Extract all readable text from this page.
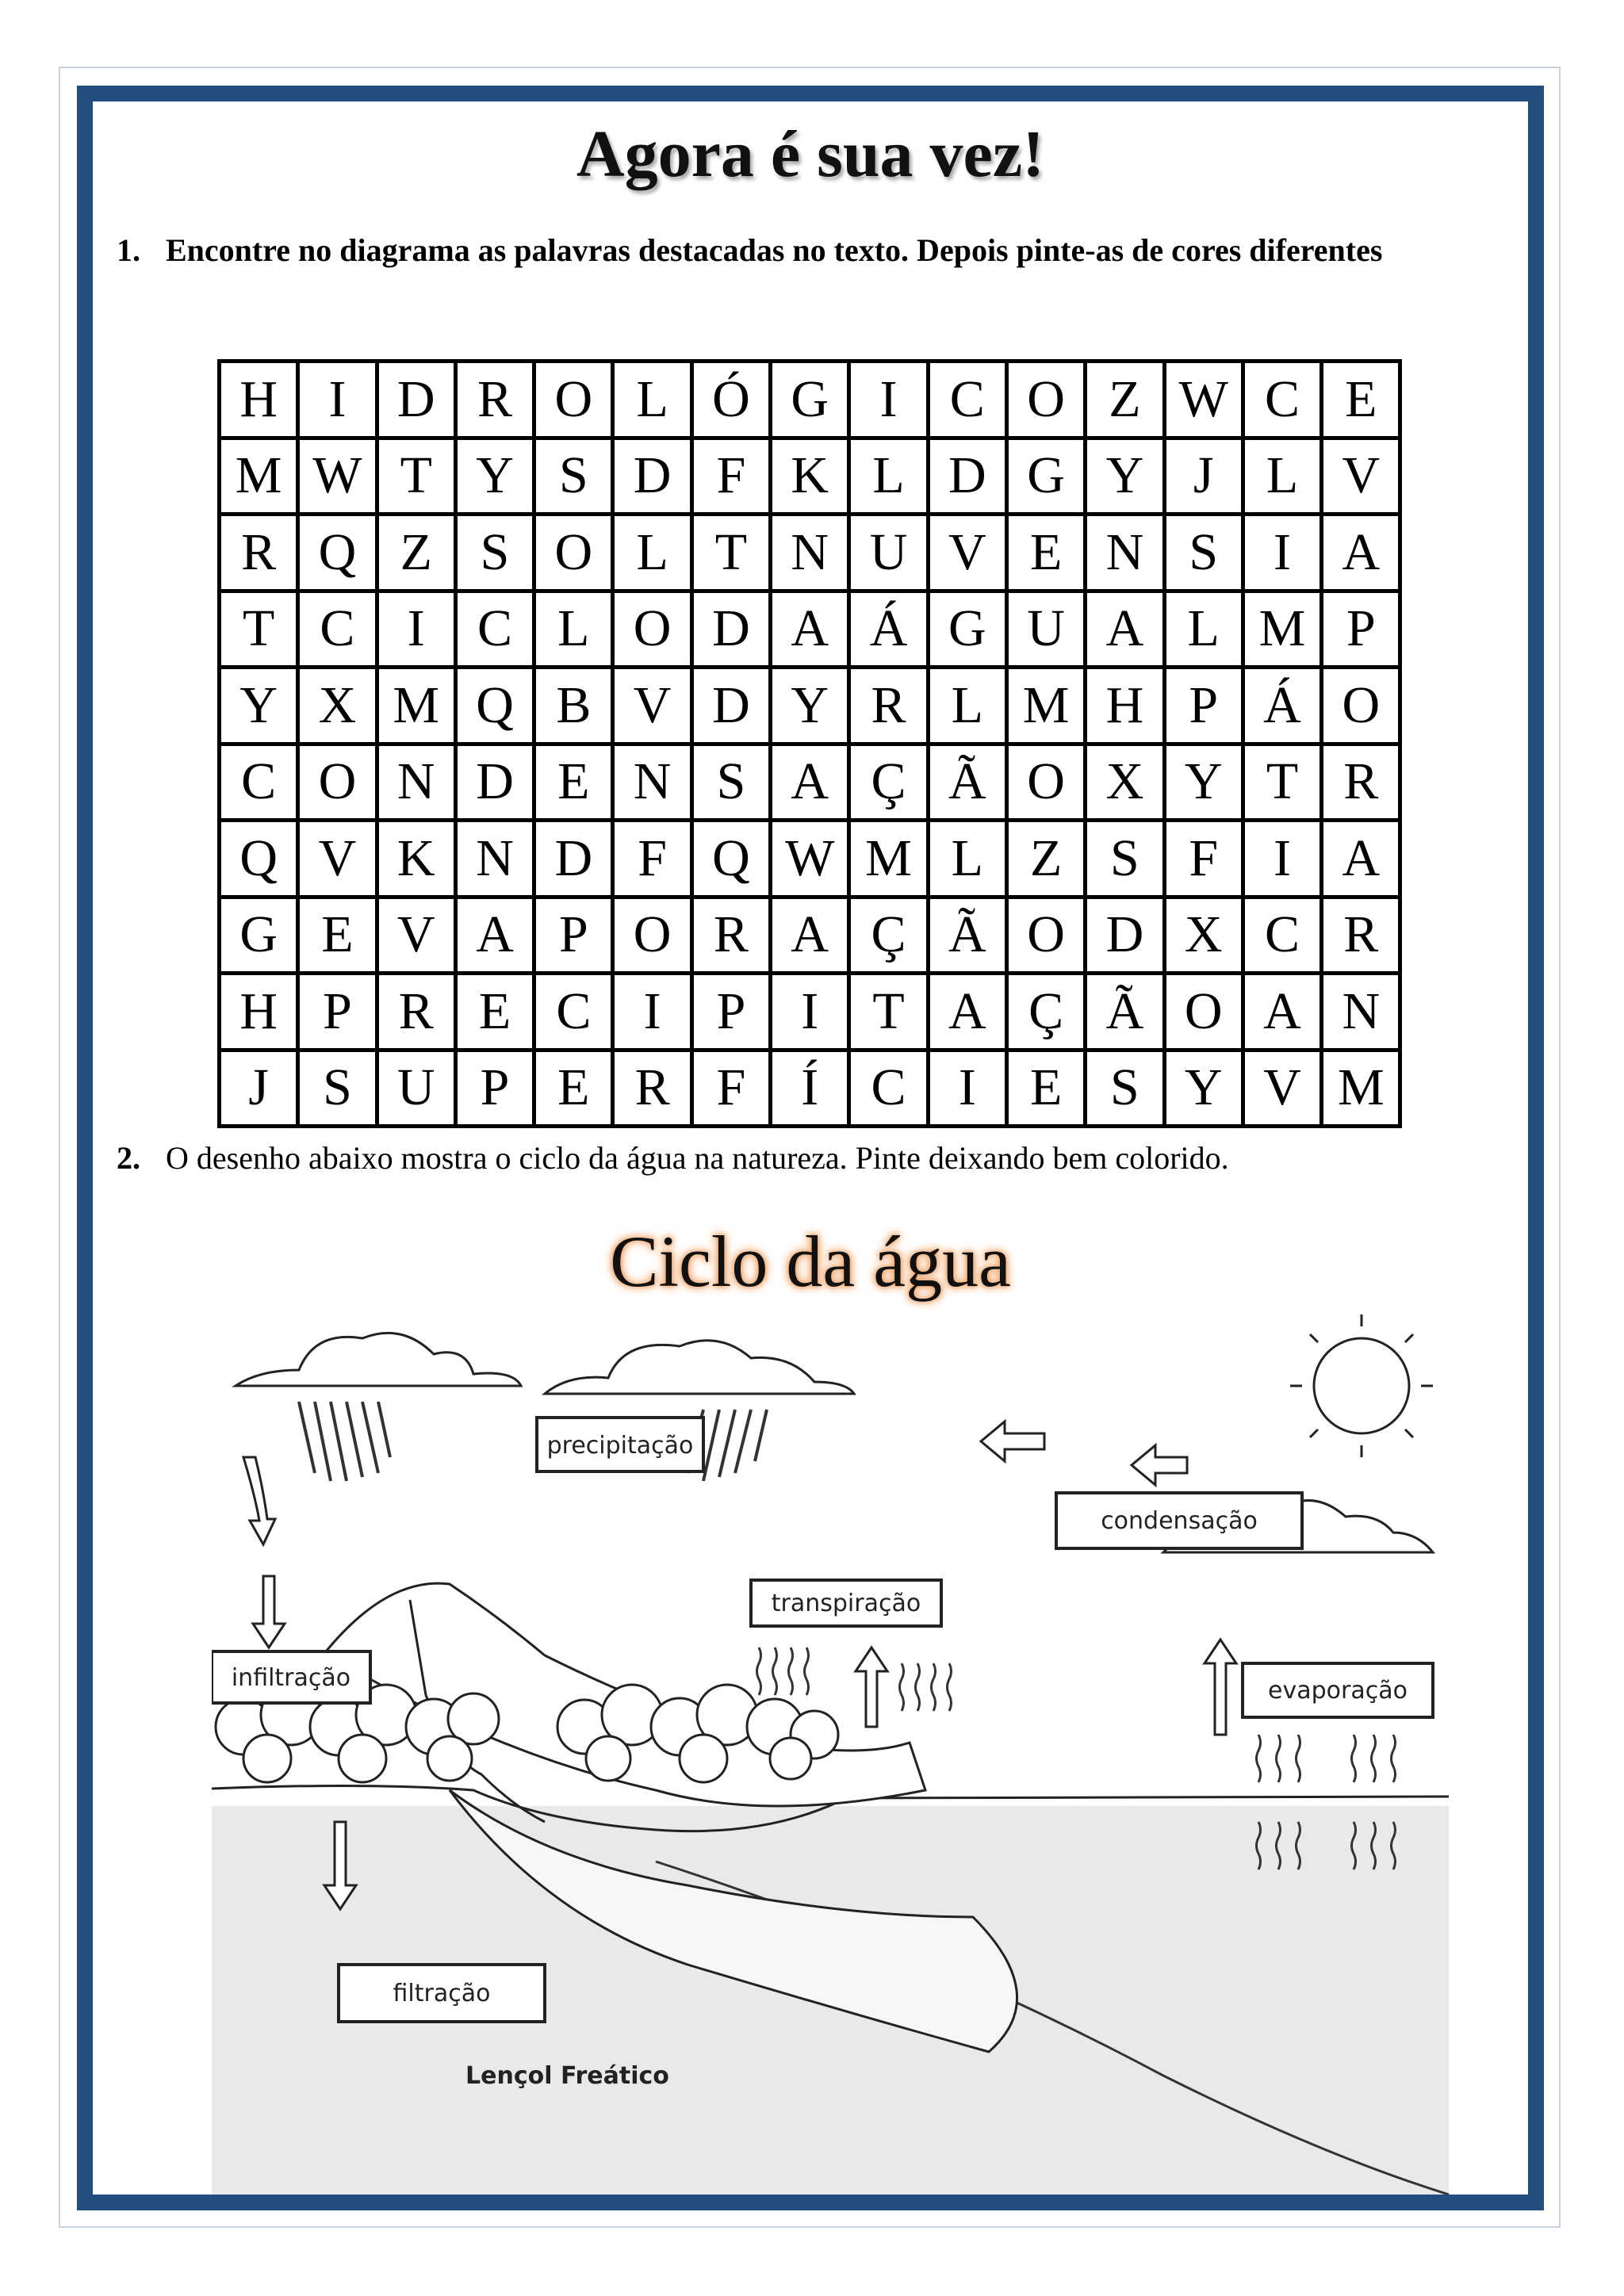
Agora é sua vez!
1. Encontre no diagrama as palavras destacadas no texto. Depois pinte-as de cores diferentes
H	I	D	R	O	L	Ó	G	I	C	O	Z	W	C	E
M	W	T	Y	S	D	F	K	L	D	G	Y	J	L	V
R	Q	Z	S	O	L	T	N	U	V	E	N	S	I	A
T	C	I	C	L	O	D	A	Á	G	U	A	L	M	P
Y	X	M	Q	B	V	D	Y	R	L	M	H	P	Á	O
C	O	N	D	E	N	S	A	Ç	Ã	O	X	Y	T	R
Q	V	K	N	D	F	Q	W	M	L	Z	S	F	I	A
G	E	V	A	P	O	R	A	Ç	Ã	O	D	X	C	R
H	P	R	E	C	I	P	I	T	A	Ç	Ã	O	A	N
J	S	U	P	E	R	F	Í	C	I	E	S	Y	V	M
2. O desenho abaixo mostra o ciclo da água na natureza. Pinte deixando bem colorido.
Ciclo da água
precipitação
condensação
transpiração
infiltração	evaporação
filtração
Lençol Freático
